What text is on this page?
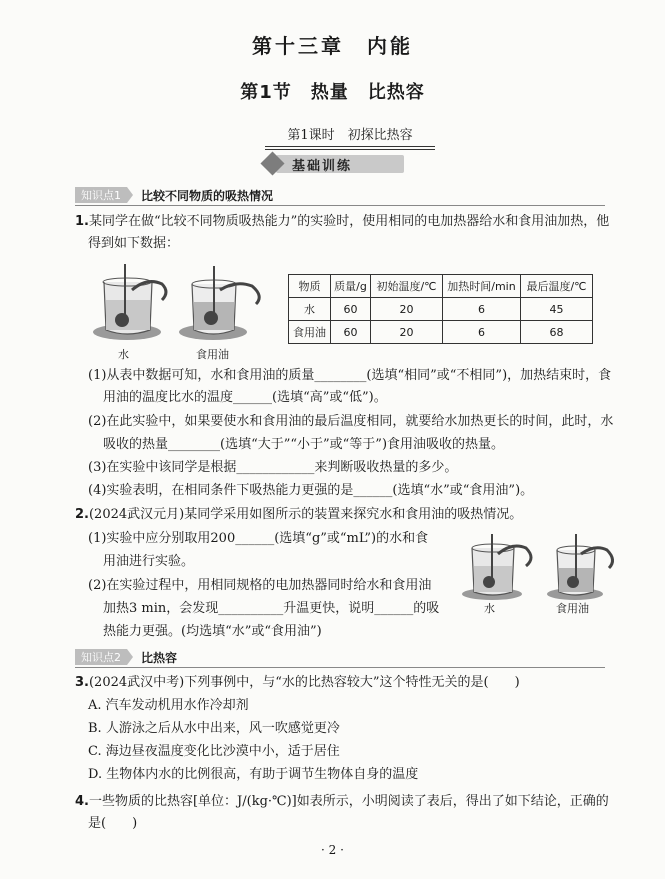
第十三章　内能
第1节　热量　比热容
第1课时　初探比热容
基础训练
知识点1	比较不同物质的吸热情况
1.某同学在做“比较不同物质吸热能力”的实验时，使用相同的电加热器给水和食用油加热，他
得到如下数据：
水	食用油
物质	质量/g	初始温度/℃	加热时间/min	最后温度/℃
水	60	20	6	45
食用油	60	20	6	68
(1)从表中数据可知，水和食用油的质量________(选填“相同”或“不相同”)，加热结束时，食
用油的温度比水的温度______(选填“高”或“低”)。
(2)在此实验中，如果要使水和食用油的最后温度相同，就要给水加热更长的时间，此时，水
吸收的热量________(选填“大于”“小于”或“等于”)食用油吸收的热量。
(3)在实验中该同学是根据____________来判断吸收热量的多少。
(4)实验表明，在相同条件下吸热能力更强的是______(选填“水”或“食用油”)。
2.(2024武汉元月)某同学采用如图所示的装置来探究水和食用油的吸热情况。
(1)实验中应分别取用200______(选填“g”或“mL”)的水和食
用油进行实验。
(2)在实验过程中，用相同规格的电加热器同时给水和食用油
加热3 min，会发现__________升温更快，说明______的吸
热能力更强。(均选填“水”或“食用油”)
水	食用油
知识点2	比热容
3.(2024武汉中考)下列事例中，与“水的比热容较大”这个特性无关的是(　　)
A. 汽车发动机用水作冷却剂
B. 人游泳之后从水中出来，风一吹感觉更冷
C. 海边昼夜温度变化比沙漠中小，适于居住
D. 生物体内水的比例很高，有助于调节生物体自身的温度
4.一些物质的比热容[单位：J/(kg·℃)]如表所示，小明阅读了表后，得出了如下结论，正确的
是(　　)
· 2 ·
